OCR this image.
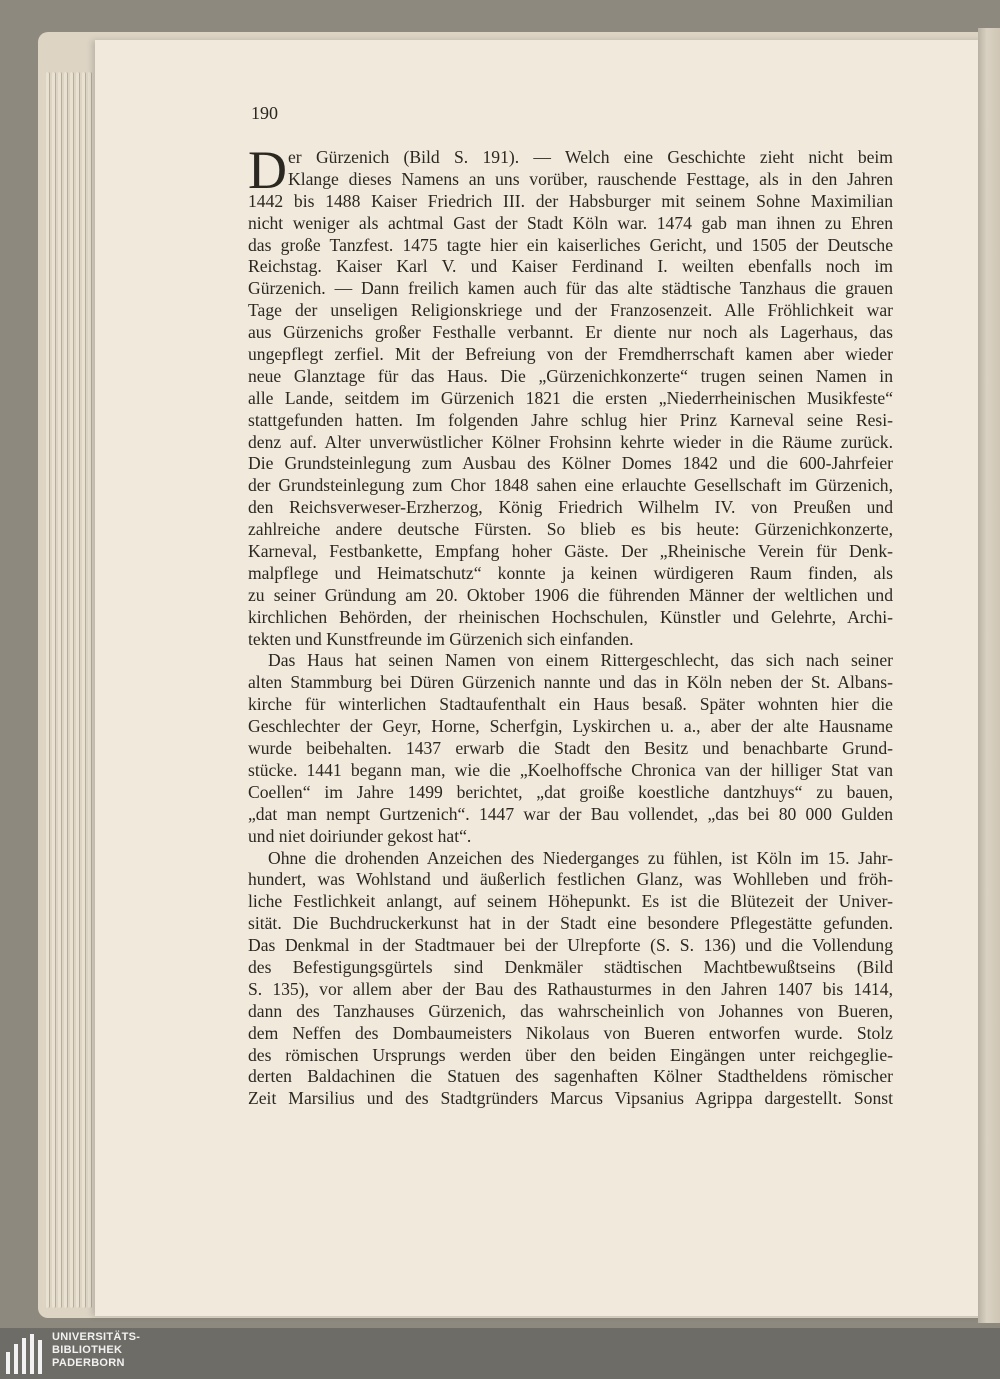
190
D er Gürzenich (Bild S. 191). — Welch eine Geschichte zieht nicht beim
Klange dieses Namens an uns vorüber, rauschende Festtage, als in den Jahren
1442 bis 1488 Kaiser Friedrich III. der Habsburger mit seinem Sohne Maximilian
nicht weniger als achtmal Gast der Stadt Köln war. 1474 gab man ihnen zu Ehren
das große Tanzfest. 1475 tagte hier ein kaiserliches Gericht, und 1505 der Deutsche
Reichstag. Kaiser Karl V. und Kaiser Ferdinand I. weilten ebenfalls noch im
Gürzenich. — Dann freilich kamen auch für das alte städtische Tanzhaus die grauen
Tage der unseligen Religionskriege und der Franzosenzeit. Alle Fröhlichkeit war
aus Gürzenichs großer Festhalle verbannt. Er diente nur noch als Lagerhaus, das
ungepflegt zerfiel. Mit der Befreiung von der Fremdherrschaft kamen aber wieder
neue Glanztage für das Haus. Die „Gürzenichkonzerte“ trugen seinen Namen in
alle Lande, seitdem im Gürzenich 1821 die ersten „Niederrheinischen Musikfeste“
stattgefunden hatten. Im folgenden Jahre schlug hier Prinz Karneval seine Resi-
denz auf. Alter unverwüstlicher Kölner Frohsinn kehrte wieder in die Räume zurück.
Die Grundsteinlegung zum Ausbau des Kölner Domes 1842 und die 600-Jahrfeier
der Grundsteinlegung zum Chor 1848 sahen eine erlauchte Gesellschaft im Gürzenich,
den Reichsverweser-Erzherzog, König Friedrich Wilhelm IV. von Preußen und
zahlreiche andere deutsche Fürsten. So blieb es bis heute: Gürzenichkonzerte,
Karneval, Festbankette, Empfang hoher Gäste. Der „Rheinische Verein für Denk-
malpflege und Heimatschutz“ konnte ja keinen würdigeren Raum finden, als
zu seiner Gründung am 20. Oktober 1906 die führenden Männer der weltlichen und
kirchlichen Behörden, der rheinischen Hochschulen, Künstler und Gelehrte, Archi-
tekten und Kunstfreunde im Gürzenich sich einfanden.
Das Haus hat seinen Namen von einem Rittergeschlecht, das sich nach seiner
alten Stammburg bei Düren Gürzenich nannte und das in Köln neben der St. Albans-
kirche für winterlichen Stadtaufenthalt ein Haus besaß. Später wohnten hier die
Geschlechter der Geyr, Horne, Scherfgin, Lyskirchen u. a., aber der alte Hausname
wurde beibehalten. 1437 erwarb die Stadt den Besitz und benachbarte Grund-
stücke. 1441 begann man, wie die „Koelhoffsche Chronica van der hilliger Stat van
Coellen“ im Jahre 1499 berichtet, „dat groiße koestliche dantzhuys“ zu bauen,
„dat man nempt Gurtzenich“. 1447 war der Bau vollendet, „das bei 80 000 Gulden
und niet doiriunder gekost hat“.
Ohne die drohenden Anzeichen des Niederganges zu fühlen, ist Köln im 15. Jahr-
hundert, was Wohlstand und äußerlich festlichen Glanz, was Wohlleben und fröh-
liche Festlichkeit anlangt, auf seinem Höhepunkt. Es ist die Blütezeit der Univer-
sität. Die Buchdruckerkunst hat in der Stadt eine besondere Pflegestätte gefunden.
Das Denkmal in der Stadtmauer bei der Ulrepforte (S. S. 136) und die Vollendung
des Befestigungsgürtels sind Denkmäler städtischen Machtbewußtseins (Bild
S. 135), vor allem aber der Bau des Rathausturmes in den Jahren 1407 bis 1414,
dann des Tanzhauses Gürzenich, das wahrscheinlich von Johannes von Bueren,
dem Neffen des Dombaumeisters Nikolaus von Bueren entworfen wurde. Stolz
des römischen Ursprungs werden über den beiden Eingängen unter reichgeglie-
derten Baldachinen die Statuen des sagenhaften Kölner Stadtheldens römischer
Zeit Marsilius und des Stadtgründers Marcus Vipsanius Agrippa dargestellt. Sonst
UNIVERSITÄTS-
BIBLIOTHEK
PADERBORN
